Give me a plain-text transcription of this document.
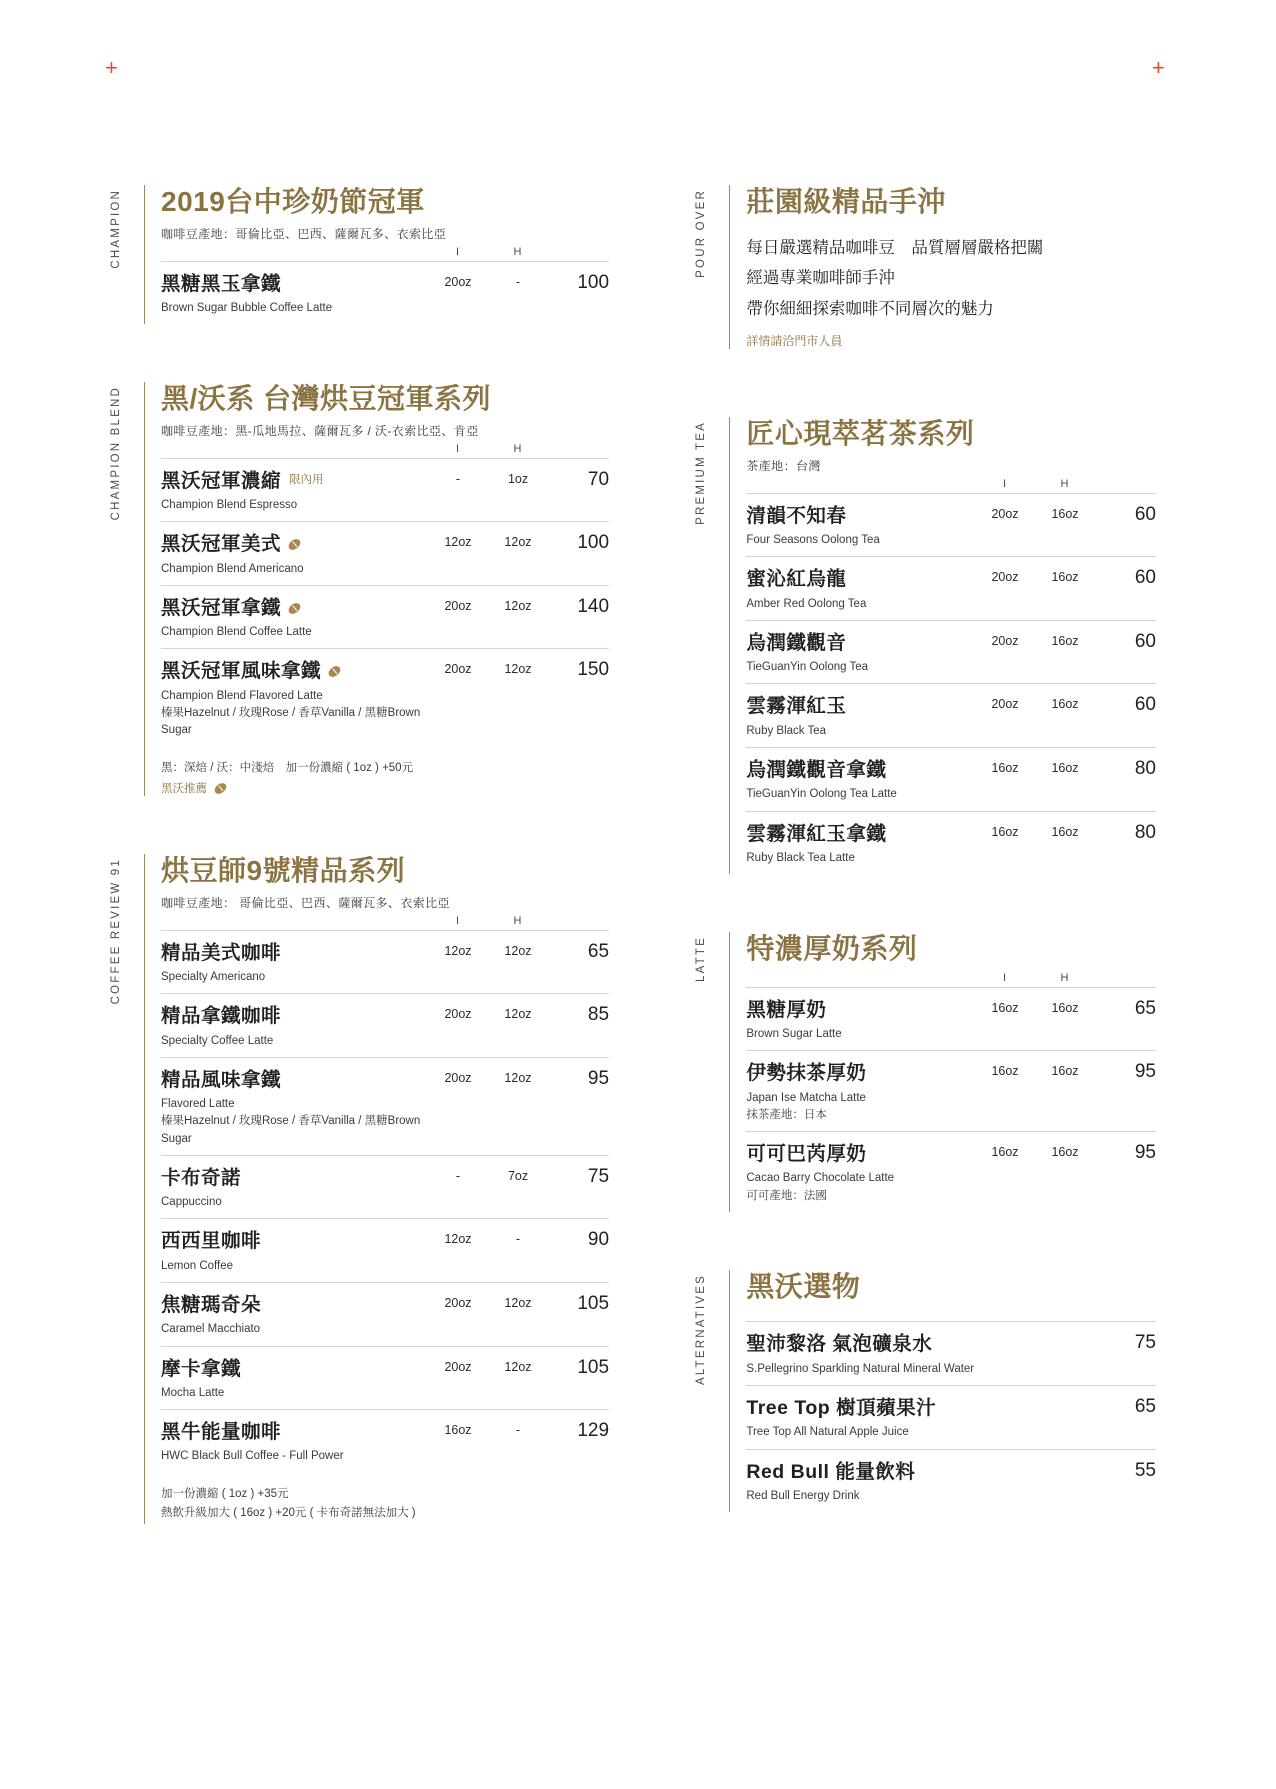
+	+
CHAMPION 2019台中珍奶節冠軍
咖啡豆產地：哥倫比亞、巴西、薩爾瓦多、衣索比亞
I	H
黑糖黑玉拿鐵
Brown Sugar Bubble Coffee Latte
20oz	-	100
CHAMPION BLEND 黑/沃系 台灣烘豆冠軍系列
咖啡豆產地：黑-瓜地馬拉、薩爾瓦多 / 沃-衣索比亞、肯亞
I	H
黑沃冠軍濃縮 限內用
Champion Blend Espresso
-	1oz	70
黑沃冠軍美式
Champion Blend Americano
12oz	12oz	100
黑沃冠軍拿鐵
Champion Blend Coffee Latte
20oz	12oz	140
黑沃冠軍風味拿鐵
Champion Blend Flavored Latte
榛果Hazelnut / 玫瑰Rose / 香草Vanilla / 黑糖Brown Sugar
20oz	12oz	150
黑：深焙 / 沃：中淺焙　加一份濃縮 ( 1oz ) +50元
黑沃推薦
COFFEE REVIEW 91 烘豆師9號精品系列
咖啡豆產地： 哥倫比亞、巴西、薩爾瓦多、衣索比亞
I	H
精品美式咖啡
Specialty Americano
12oz	12oz	65
精品拿鐵咖啡
Specialty Coffee Latte
20oz	12oz	85
精品風味拿鐵
Flavored Latte
榛果Hazelnut / 玫瑰Rose / 香草Vanilla / 黑糖Brown Sugar
20oz	12oz	95
卡布奇諾
Cappuccino
-	7oz	75
西西里咖啡
Lemon Coffee
12oz	-	90
焦糖瑪奇朵
Caramel Macchiato
20oz	12oz	105
摩卡拿鐵
Mocha Latte
20oz	12oz	105
黑牛能量咖啡
HWC Black Bull Coffee - Full Power
16oz	-	129
加一份濃縮 ( 1oz ) +35元
熱飲升級加大 ( 16oz ) +20元 ( 卡布奇諾無法加大 )
POUR OVER 莊園級精品手沖
每日嚴選精品咖啡豆　品質層層嚴格把關
經過專業咖啡師手沖
帶你細細探索咖啡不同層次的魅力
詳情請洽門市人員
PREMIUM TEA 匠心現萃茗茶系列
茶產地：台灣
I	H
清韻不知春
Four Seasons Oolong Tea
20oz	16oz	60
蜜沁紅烏龍
Amber Red Oolong Tea
20oz	16oz	60
烏潤鐵觀音
TieGuanYin Oolong Tea
20oz	16oz	60
雲霧渾紅玉
Ruby Black Tea
20oz	16oz	60
烏潤鐵觀音拿鐵
TieGuanYin Oolong Tea Latte
16oz	16oz	80
雲霧渾紅玉拿鐵
Ruby Black Tea Latte
16oz	16oz	80
LATTE 特濃厚奶系列
I	H
黑糖厚奶
Brown Sugar Latte
16oz	16oz	65
伊勢抹茶厚奶
Japan Ise Matcha Latte
抹茶產地：日本
16oz	16oz	95
可可巴芮厚奶
Cacao Barry Chocolate Latte
可可產地：法國
16oz	16oz	95
ALTERNATIVES 黑沃選物
聖沛黎洛 氣泡礦泉水
S.Pellegrino Sparkling Natural Mineral Water
75
Tree Top 樹頂蘋果汁
Tree Top All Natural Apple Juice
65
Red Bull 能量飲料
Red Bull Energy Drink
55
